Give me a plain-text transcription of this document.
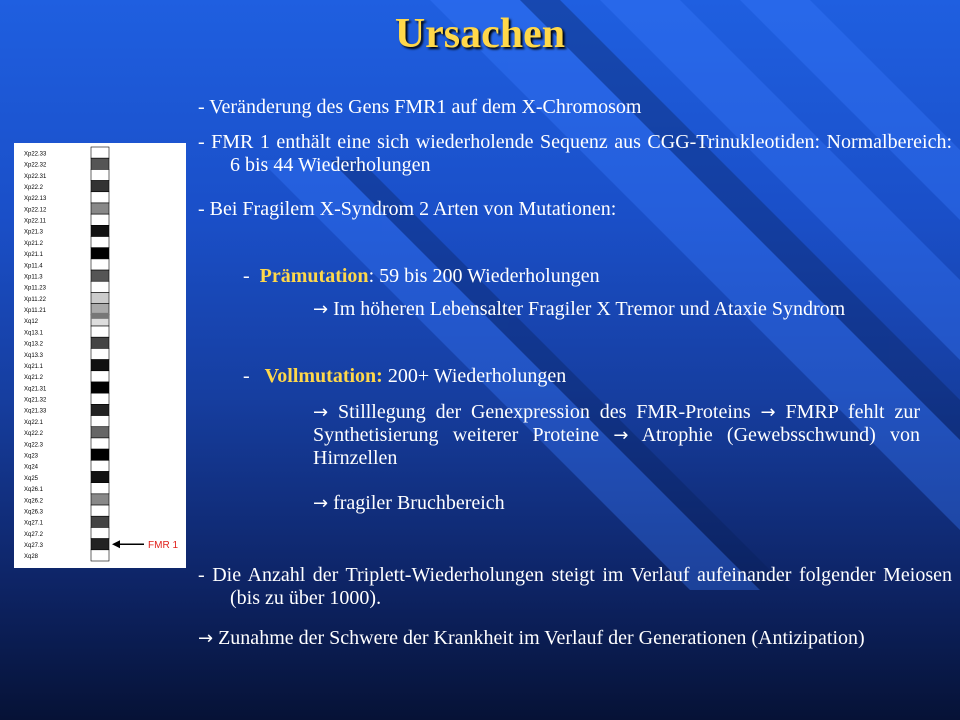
Ursachen
Xp22.33
Xp22.32
Xp22.31
Xp22.2
Xp22.13
Xp22.12
Xp22.11
Xp21.3
Xp21.2
Xp21.1
Xp11.4
Xp11.3
Xp11.23
Xp11.22
Xp11.21
Xq12
Xq13.1
Xq13.2
Xq13.3
Xq21.1
Xq21.2
Xq21.31
Xq21.32
Xq21.33
Xq22.1
Xq22.2
Xq22.3
Xq23
Xq24
Xq25
Xq26.1
Xq26.2
Xq26.3
Xq27.1
Xq27.2
Xq27.3
Xq28
FMR 1
- Veränderung des Gens FMR1 auf dem X-Chromosom
- FMR 1 enthält eine sich wiederholende Sequenz aus CGG-Trinukleotiden: Normalbereich: 6 bis 44 Wiederholungen
- Bei Fragilem X-Syndrom 2 Arten von Mutationen:
- Prämutation: 59 bis 200 Wiederholungen
→ Im höheren Lebensalter Fragiler X Tremor und Ataxie Syndrom
- Vollmutation: 200+ Wiederholungen
→ Stilllegung der Genexpression des FMR-Proteins → FMRP fehlt zur Synthetisierung weiterer Proteine → Atrophie (Gewebsschwund) von Hirnzellen
→ fragiler Bruchbereich
- Die Anzahl der Triplett-Wiederholungen steigt im Verlauf aufeinander folgender Meiosen (bis zu über 1000).
→ Zunahme der Schwere der Krankheit im Verlauf der Generationen (Antizipation)
